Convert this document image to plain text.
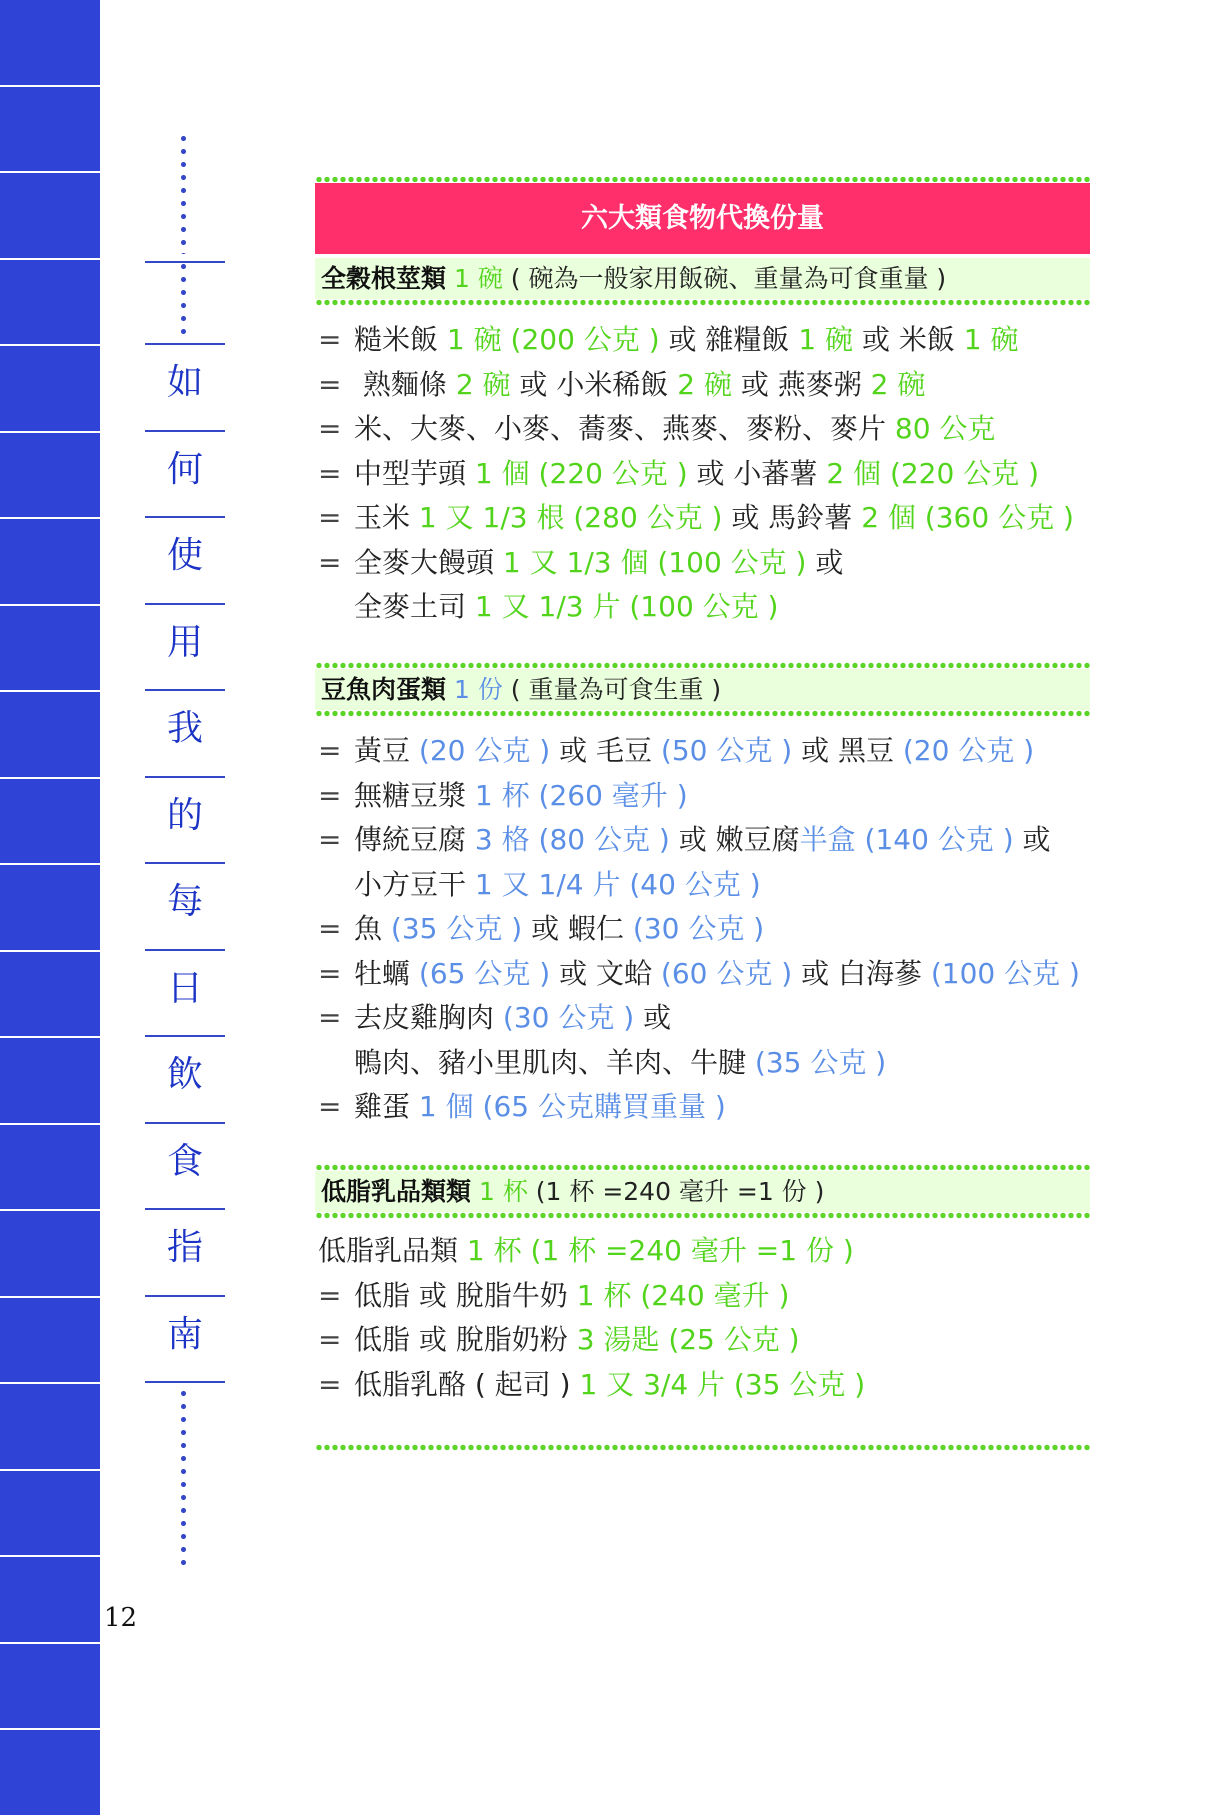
如
何
使
用
我
的
每
日
飲
食
指
南
12
六大類食物代換份量
全穀根莖類 1 碗 ( 碗為一般家用飯碗、重量為可食重量 )
= 糙米飯 1 碗 (200 公克 ) 或 雜糧飯 1 碗 或 米飯 1 碗
= 熟麵條 2 碗 或 小米稀飯 2 碗 或 燕麥粥 2 碗
= 米、大麥、小麥、蕎麥、燕麥、麥粉、麥片 80 公克
= 中型芋頭 1 個 (220 公克 ) 或 小蕃薯 2 個 (220 公克 )
= 玉米 1 又 1/3 根 (280 公克 ) 或 馬鈴薯 2 個 (360 公克 )
= 全麥大饅頭 1 又 1/3 個 (100 公克 ) 或
全麥土司 1 又 1/3 片 (100 公克 )
豆魚肉蛋類 1 份 ( 重量為可食生重 )
= 黃豆 (20 公克 ) 或 毛豆 (50 公克 ) 或 黑豆 (20 公克 )
= 無糖豆漿 1 杯 (260 毫升 )
= 傳統豆腐 3 格 (80 公克 ) 或 嫩豆腐半盒 (140 公克 ) 或
小方豆干 1 又 1/4 片 (40 公克 )
= 魚 (35 公克 ) 或 蝦仁 (30 公克 )
= 牡蠣 (65 公克 ) 或 文蛤 (60 公克 ) 或 白海蔘 (100 公克 )
= 去皮雞胸肉 (30 公克 ) 或
鴨肉、豬小里肌肉、羊肉、牛腱 (35 公克 )
= 雞蛋 1 個 (65 公克購買重量 )
低脂乳品類類 1 杯 (1 杯 =240 毫升 =1 份 )
低脂乳品類 1 杯 (1 杯 =240 毫升 =1 份 )
= 低脂 或 脫脂牛奶 1 杯 (240 毫升 )
= 低脂 或 脫脂奶粉 3 湯匙 (25 公克 )
= 低脂乳酪 ( 起司 ) 1 又 3/4 片 (35 公克 )
